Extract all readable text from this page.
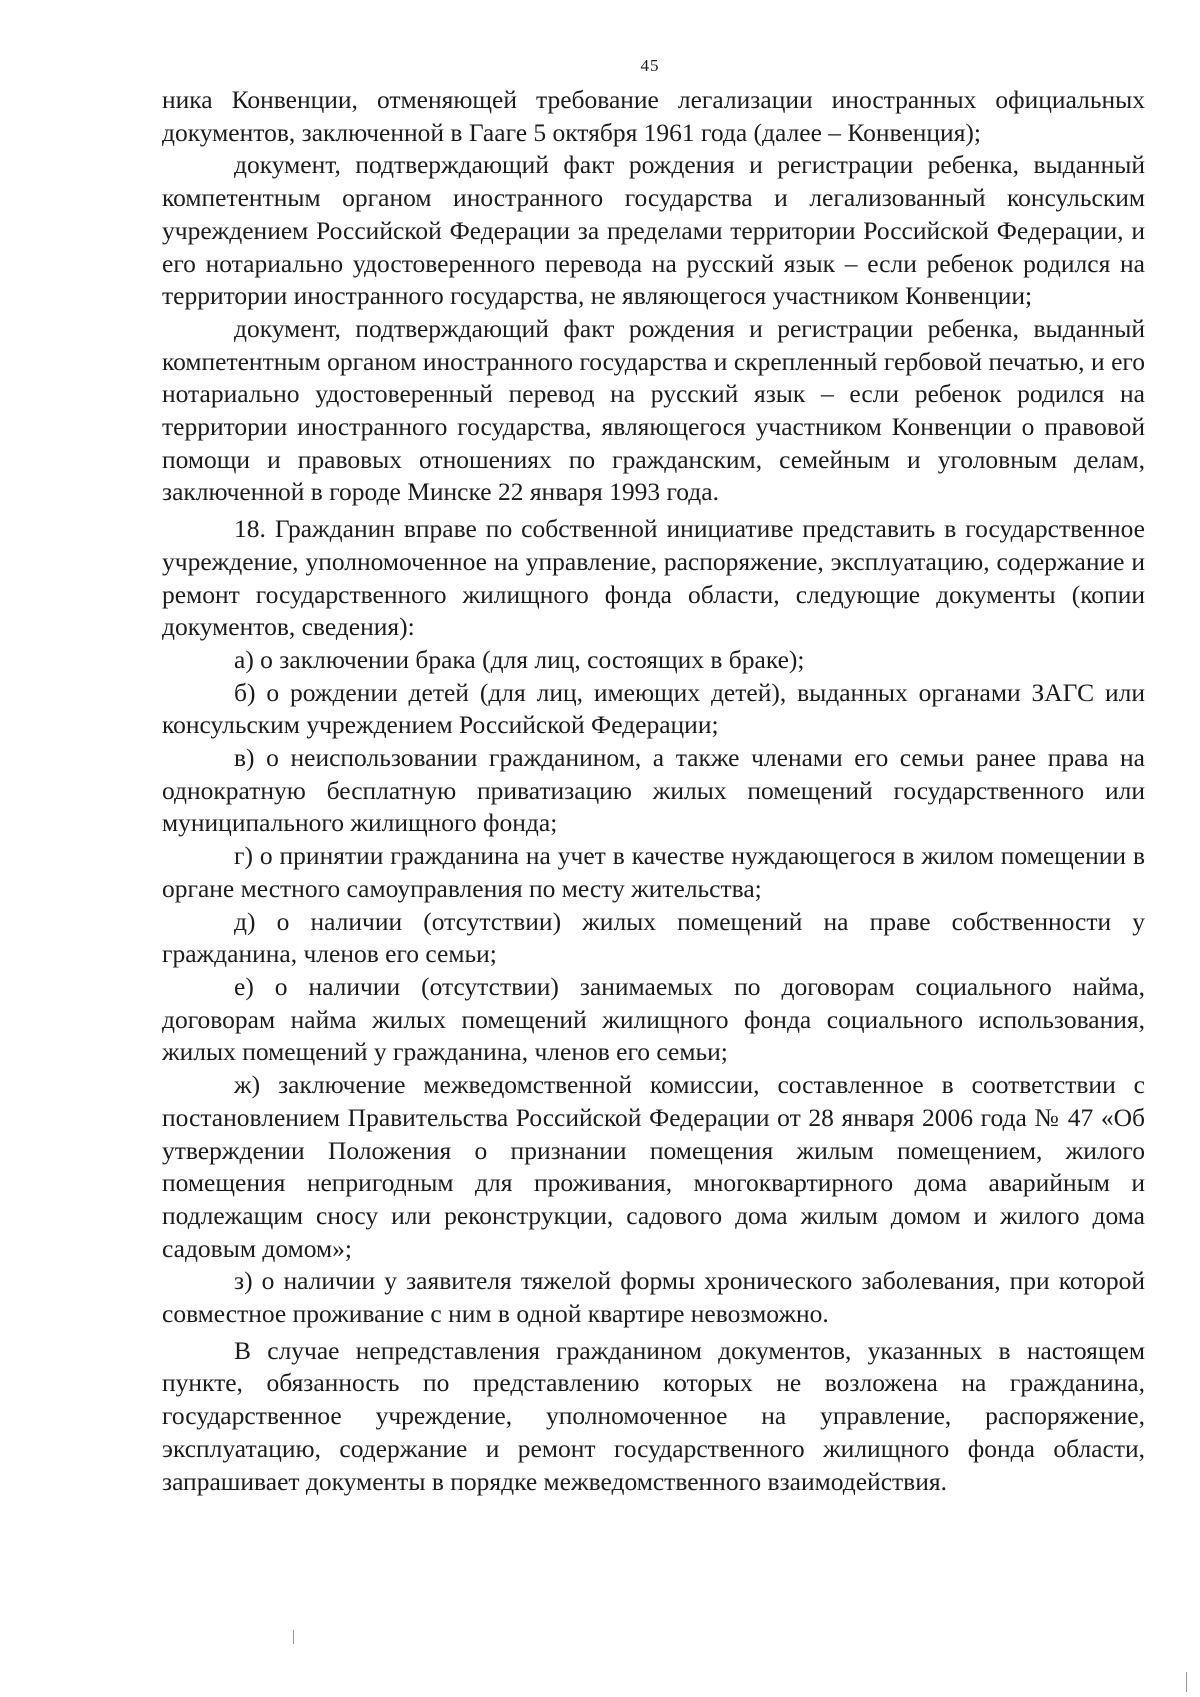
45

ника Конвенции, отменяющей требование легализации иностранных официальных документов, заключенной в Гааге 5 октября 1961 года (далее – Конвенция);

документ, подтверждающий факт рождения и регистрации ребенка, выданный компетентным органом иностранного государства и легализованный консульским учреждением Российской Федерации за пределами территории Российской Федерации, и его нотариально удостоверенного перевода на русский язык – если ребенок родился на территории иностранного государства, не являющегося участником Конвенции;

документ, подтверждающий факт рождения и регистрации ребенка, выданный компетентным органом иностранного государства и скрепленный гербовой печатью, и его нотариально удостоверенный перевод на русский язык – если ребенок родился на территории иностранного государства, являющегося участником Конвенции о правовой помощи и правовых отношениях по гражданским, семейным и уголовным делам, заключенной в городе Минске 22 января 1993 года.

18. Гражданин вправе по собственной инициативе представить в государственное учреждение, уполномоченное на управление, распоряжение, эксплуатацию, содержание и ремонт государственного жилищного фонда области, следующие документы (копии документов, сведения):

а) о заключении брака (для лиц, состоящих в браке);

б) о рождении детей (для лиц, имеющих детей), выданных органами ЗАГС или консульским учреждением Российской Федерации;

в) о неиспользовании гражданином, а также членами его семьи ранее права на однократную бесплатную приватизацию жилых помещений государственного или муниципального жилищного фонда;

г) о принятии гражданина на учет в качестве нуждающегося в жилом помещении в органе местного самоуправления по месту жительства;

д) о наличии (отсутствии) жилых помещений на праве собственности у гражданина, членов его семьи;

е) о наличии (отсутствии) занимаемых по договорам социального найма, договорам найма жилых помещений жилищного фонда социального использования, жилых помещений у гражданина, членов его семьи;

ж) заключение межведомственной комиссии, составленное в соответствии с постановлением Правительства Российской Федерации от 28 января 2006 года № 47 «Об утверждении Положения о признании помещения жилым помещением, жилого помещения непригодным для проживания, многоквартирного дома аварийным и подлежащим сносу или реконструкции, садового дома жилым домом и жилого дома садовым домом»;

з) о наличии у заявителя тяжелой формы хронического заболевания, при которой совместное проживание с ним в одной квартире невозможно.

В случае непредставления гражданином документов, указанных в настоящем пункте, обязанность по представлению которых не возложена на гражданина, государственное учреждение, уполномоченное на управление, распоряжение, эксплуатацию, содержание и ремонт государственного жилищного фонда области, запрашивает документы в порядке межведомственного взаимодействия.
